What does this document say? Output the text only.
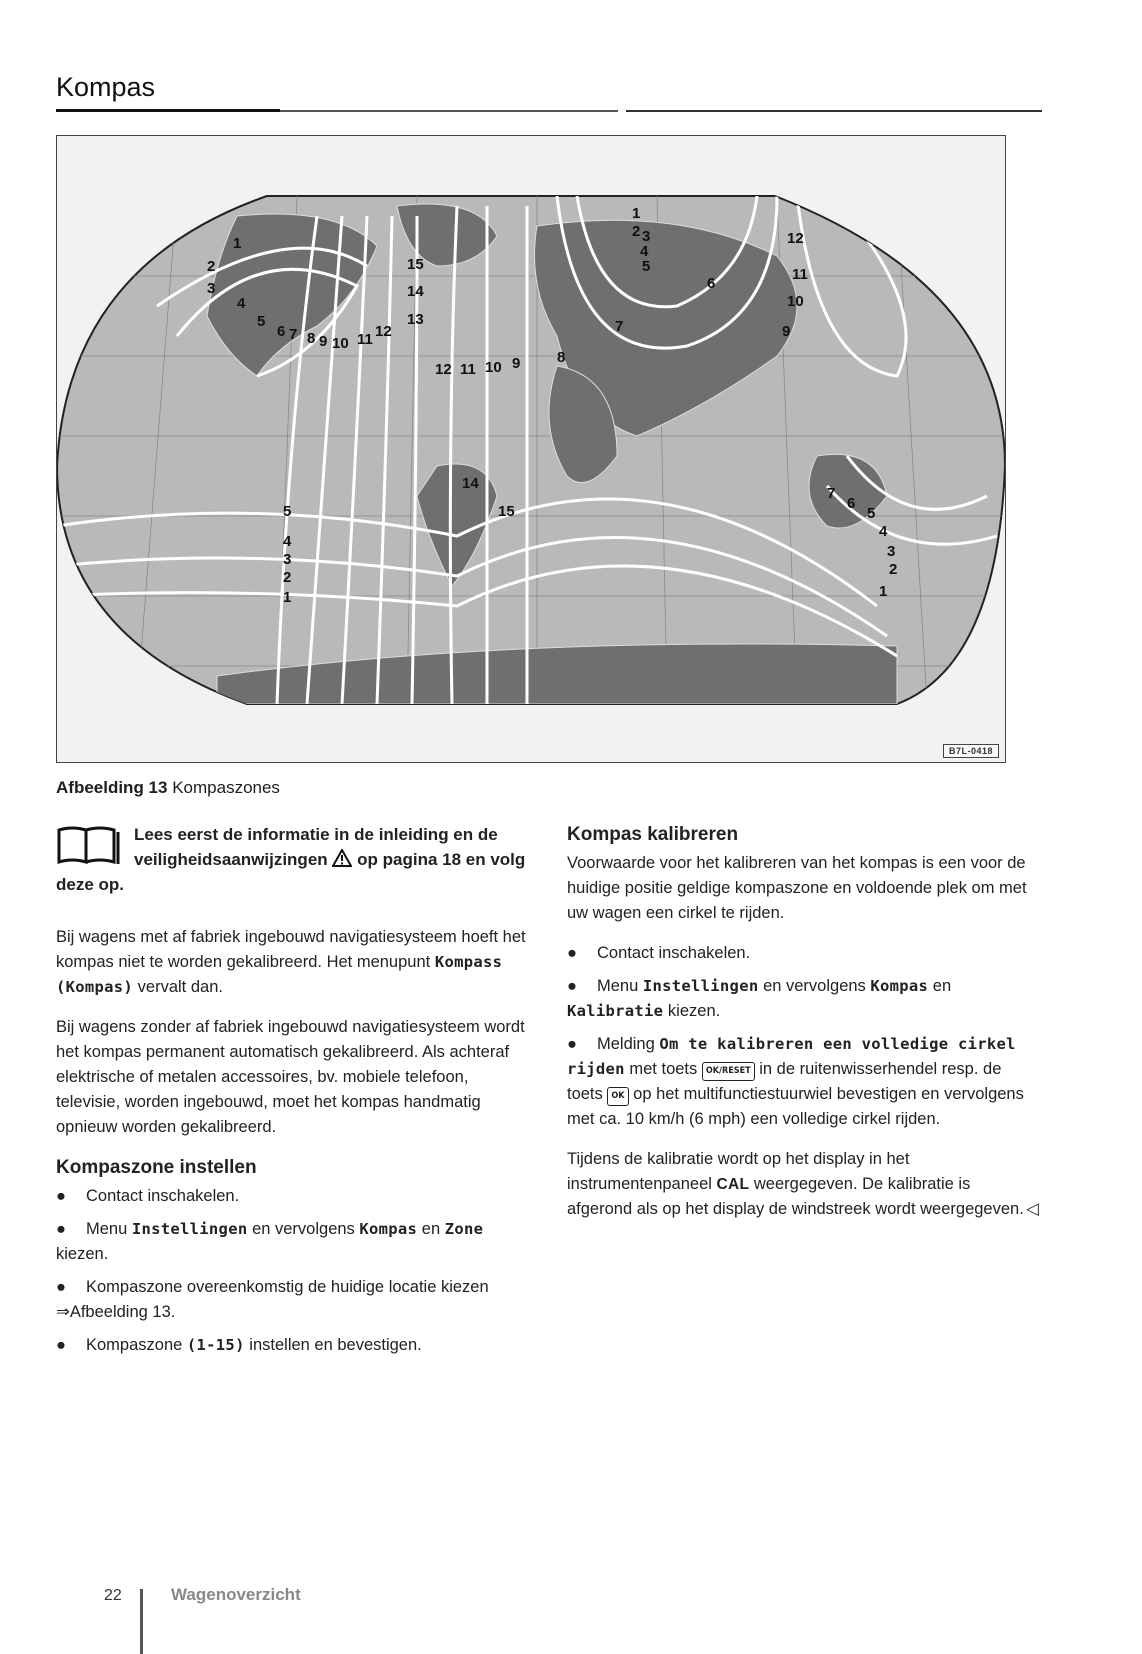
Kompas
1
2
3
4
5
6 7 8 9 10 11 12
15
14
13
12 11 10 9 8
7
6
5
4
3
2
1
12
11
10
9
5
4
3
2
1
14
15
7
6
5
4
3
2
1
B7L-0418
Afbeelding 13 Kompaszones
Lees eerst de informatie in de inleiding en de veiligheidsaanwijzingen op pagina 18 en volg deze op.

Bij wagens met af fabriek ingebouwd navigatiesysteem hoeft het kompas niet te worden gekalibreerd. Het menupunt Kompass (Kompas) vervalt dan.

Bij wagens zonder af fabriek ingebouwd navigatiesysteem wordt het kompas permanent automatisch gekalibreerd. Als achteraf elektrische of metalen accessoires, bv. mobiele telefoon, televisie, worden ingebouwd, moet het kompas handmatig opnieuw worden gekalibreerd.

Kompaszone instellen
● Contact inschakelen.
● Menu Instellingen en vervolgens Kompas en Zone kiezen.
● Kompaszone overeenkomstig de huidige locatie kiezen ⇒Afbeelding 13.
● Kompaszone (1-15) instellen en bevestigen.
Kompas kalibreren

Voorwaarde voor het kalibreren van het kompas is een voor de huidige positie geldige kompaszone en voldoende plek om met uw wagen een cirkel te rijden.

● Contact inschakelen.
● Menu Instellingen en vervolgens Kompas en Kalibratie kiezen.
● Melding Om te kalibreren een volledige cirkel rijden met toets OK/RESET in de ruitenwisserhendel resp. de toets OK op het multifunctiestuurwiel bevestigen en vervolgens met ca. 10 km/h (6 mph) een volledige cirkel rijden.

Tijdens de kalibratie wordt op het display in het instrumentenpaneel CAL weergegeven. De kalibratie is afgerond als op het display de windstreek wordt weergegeven. ◁

22	Wagenoverzicht
